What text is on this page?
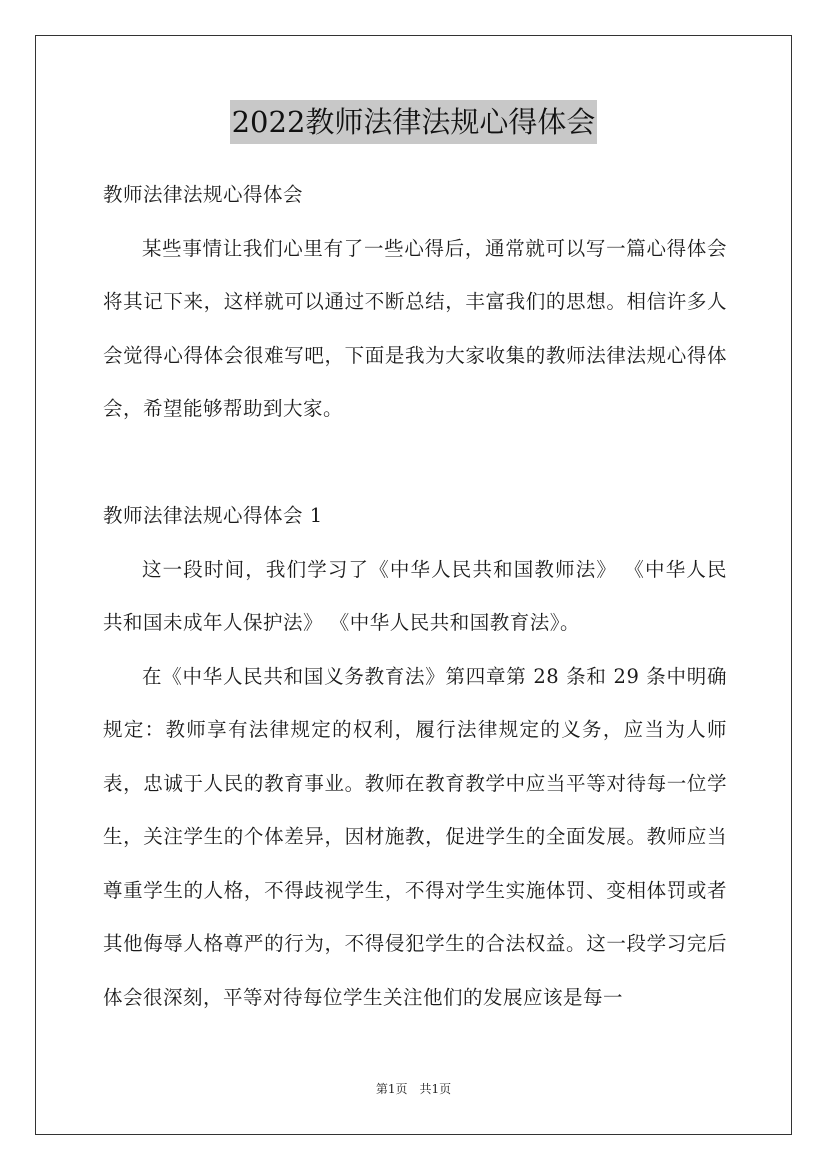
2022教师法律法规心得体会

教师法律法规心得体会

某些事情让我们心里有了一些心得后，通常就可以写一篇心得体会将其记下来，这样就可以通过不断总结，丰富我们的思想。相信许多人会觉得心得体会很难写吧，下面是我为大家收集的教师法律法规心得体会，希望能够帮助到大家。

教师法律法规心得体会 1

这一段时间，我们学习了《中华人民共和国教师法》 《中华人民共和国未成年人保护法》 《中华人民共和国教育法》。

在《中华人民共和国义务教育法》第四章第 28 条和 29 条中明确规定：教师享有法律规定的权利，履行法律规定的义务，应当为人师表，忠诚于人民的教育事业。教师在教育教学中应当平等对待每一位学生，关注学生的个体差异，因材施教，促进学生的全面发展。教师应当尊重学生的人格，不得歧视学生，不得对学生实施体罚、变相体罚或者其他侮辱人格尊严的行为，不得侵犯学生的合法权益。这一段学习完后体会很深刻，平等对待每位学生关注他们的发展应该是每一

第1页　共1页
